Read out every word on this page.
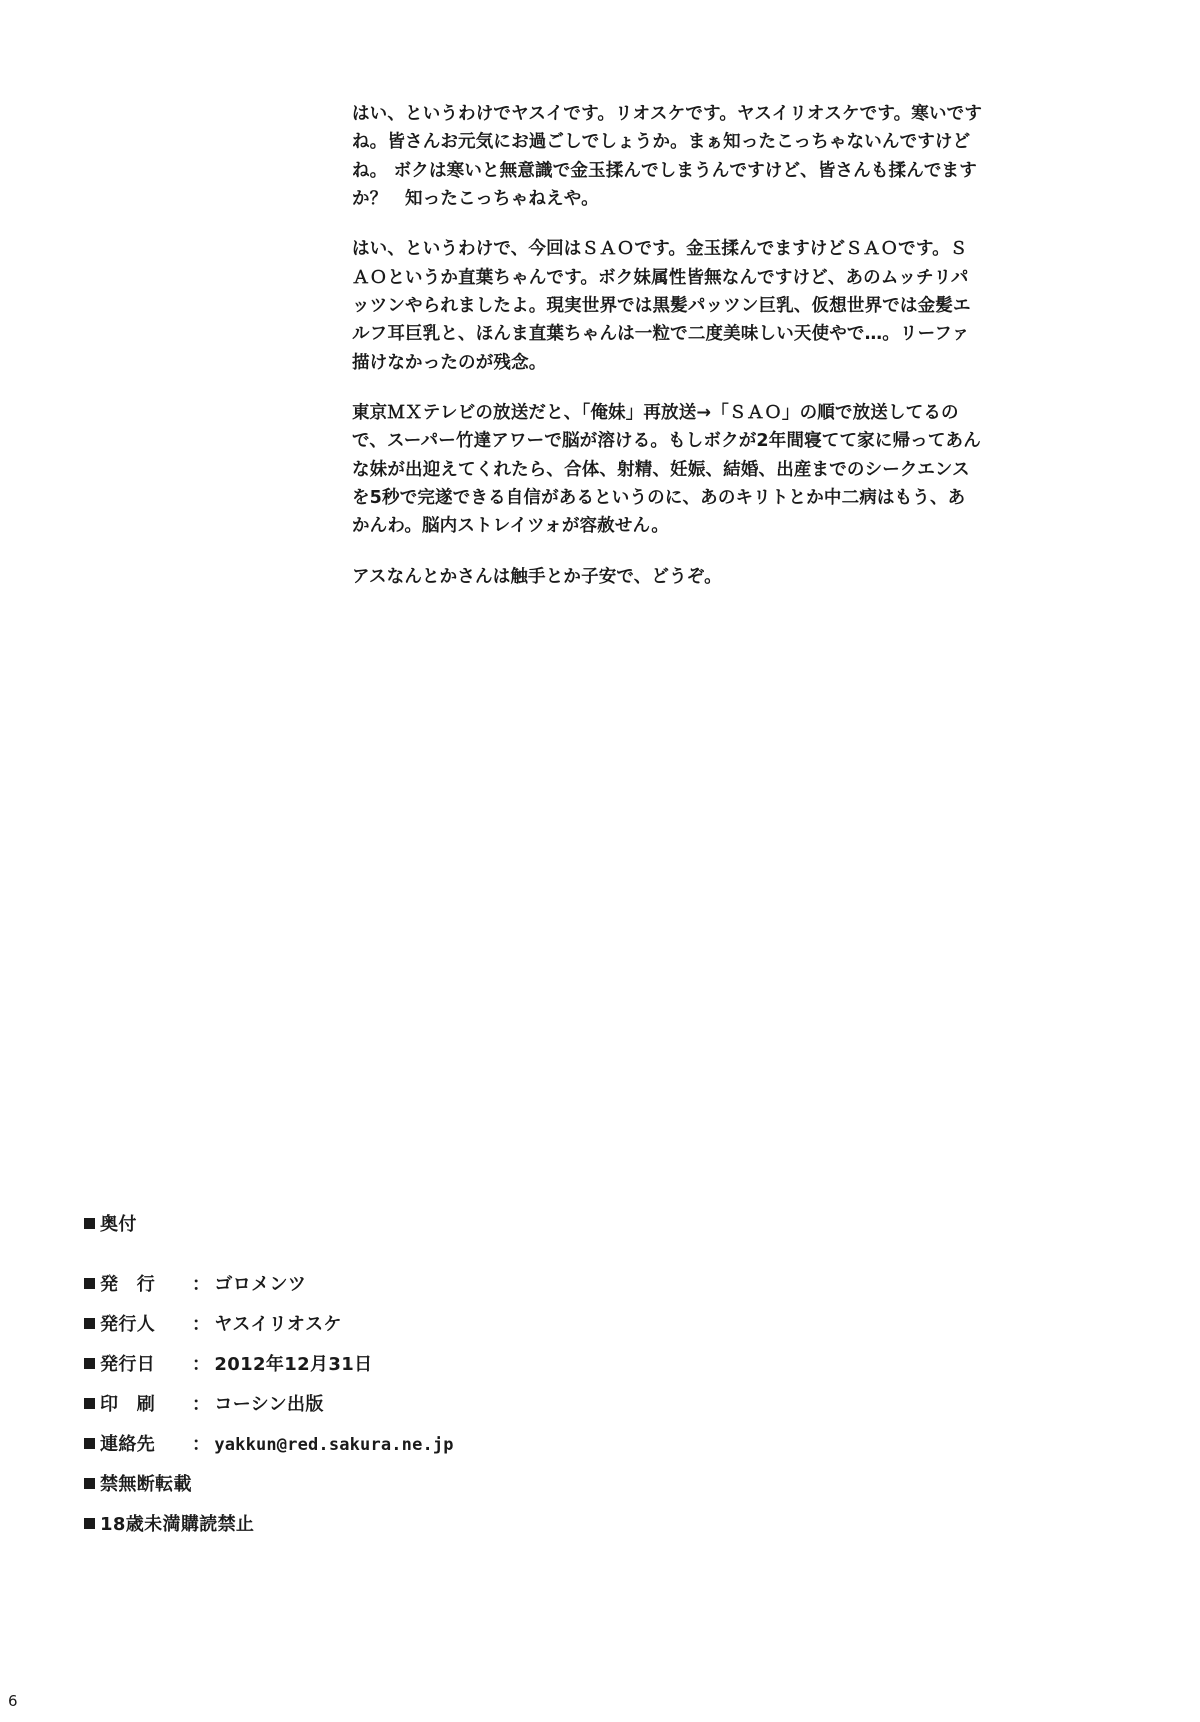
はい、というわけでヤスイです。リオスケです。ヤスイリオスケです。寒いですね。皆さんお元気にお過ごしでしょうか。まぁ知ったこっちゃないんですけどね。 ボクは寒いと無意識で金玉揉んでしまうんですけど、皆さんも揉んでますか？　知ったこっちゃねえや。

はい、というわけで、今回はＳＡＯです。金玉揉んでますけどＳＡＯです。ＳＡＯというか直葉ちゃんです。ボク妹属性皆無なんですけど、あのムッチリパッツンやられましたよ。現実世界では黒髪パッツン巨乳、仮想世界では金髪エルフ耳巨乳と、ほんま直葉ちゃんは一粒で二度美味しい天使やで…。リーファ描けなかったのが残念。

東京ＭＸテレビの放送だと、「俺妹」再放送→「ＳＡＯ」の順で放送してるので、スーパー竹達アワーで脳が溶ける。もしボクが2年間寝てて家に帰ってあんな妹が出迎えてくれたら、合体、射精、妊娠、結婚、出産までのシークエンスを5秒で完遂できる自信があるというのに、あのキリトとか中二病はもう、あかんわ。脳内ストレイツォが容赦せん。

アスなんとかさんは触手とか子安で、どうぞ。

奥付

発　行 ： ゴロメンツ

発行人 ： ヤスイリオスケ

発行日 ： 2012年12月31日

印　刷 ： コーシン出版

連絡先 ： yakkun@red.sakura.ne.jp

禁無断転載

18歳未満購読禁止

6
